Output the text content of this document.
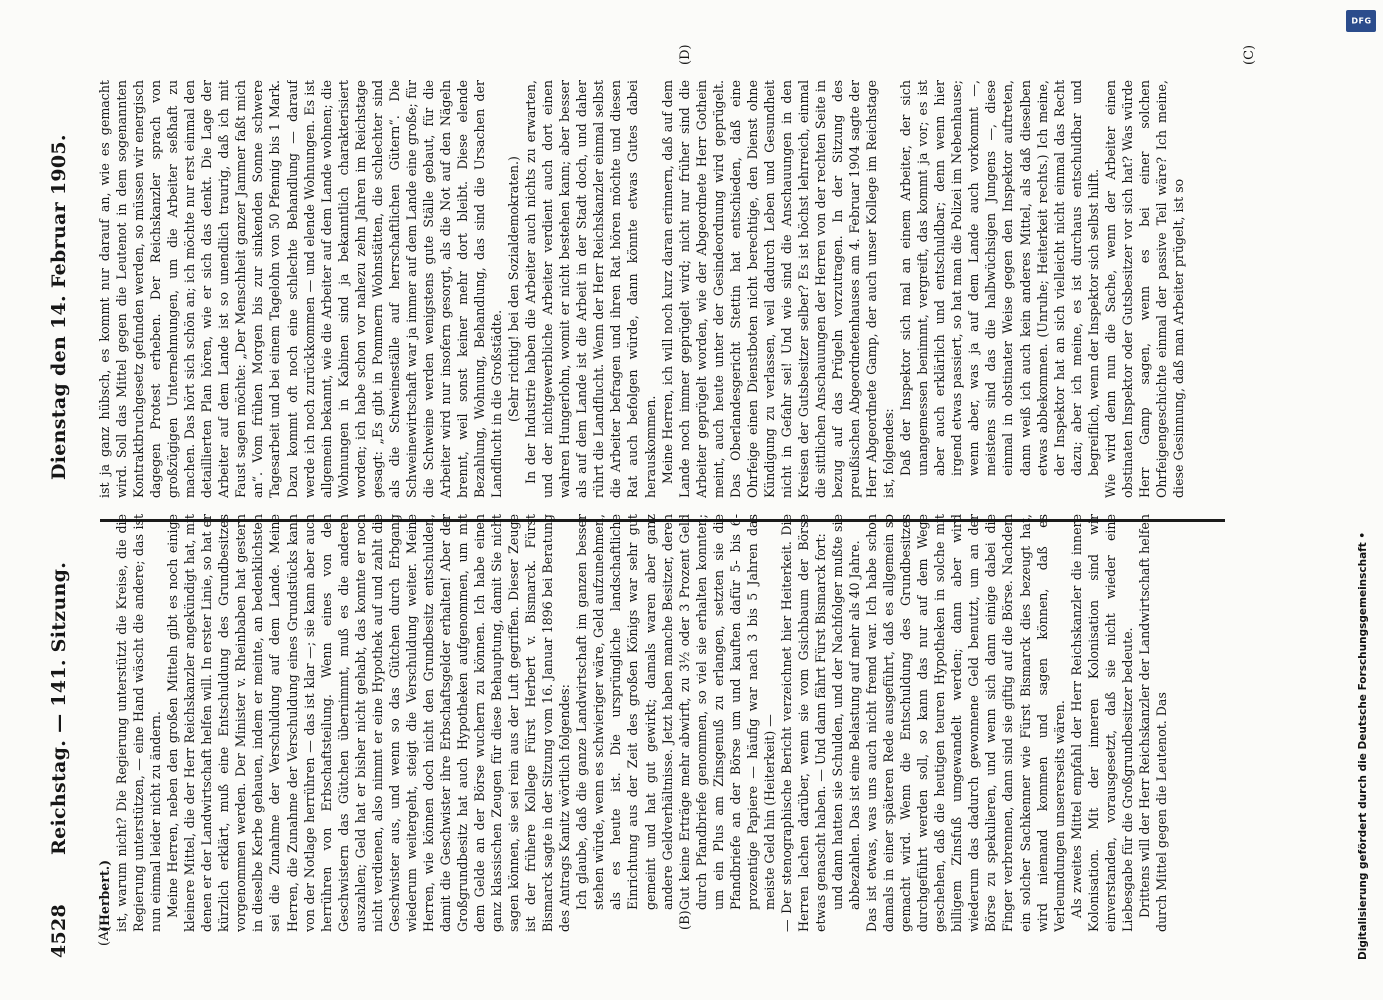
4528
Reichstag. — 141. Sitzung.
Dienstag den 14. Februar 1905.
(A)
(B)
(C)
(D)

(Herbert.) ist, warum nicht? Die Regierung unterstützt die Kreise, die die Regierung unterstützen, — eine Hand wäscht die andere; das ist nun einmal leider nicht zu ändern. Meine Herren, neben den großen Mitteln gibt es noch einige kleinere Mittel, die der Herr Reichskanzler angekündigt hat, mit denen er der Landwirtschaft helfen will. In erster Linie, so hat er kürzlich erklärt, muß eine Entschuldung des Grundbesitzes vorgenommen werden. Der Minister v. Rheinbaben hat gestern in dieselbe Kerbe gehauen, indem er meinte, an bedenklichsten sei die Zunahme der Verschuldung auf dem Lande. Meine Herren, die Zunahme der Verschuldung eines Grundstücks kann von der Notlage herrühren — das ist klar —; sie kann aber auch herrühren von Erbschaftsteilung. Wenn eines von den Geschwistern das Gütchen übernimmt, muß es die anderen auszahlen; Geld hat er bisher nicht gehabt, das konnte er noch nicht verdienen, also nimmt er eine Hypothek auf und zahlt die Geschwister aus, und wenn so das Gütchen durch Erbgang wiederum weitergeht, steigt die Verschuldung weiter. Meine Herren, wie können doch nicht den Grundbesitz entschulden, damit die Geschwister ihre Erbschaftsgelder erhalten! Aber der Großgrundbesitz hat auch Hypotheken aufgenommen, um mit dem Gelde an der Börse wuchern zu können. Ich habe einen ganz klassischen Zeugen für diese Behauptung, damit Sie nicht sagen können, sie sei rein aus der Luft gegriffen. Dieser Zeuge ist der frühere Kollege Fürst Herbert v. Bismarck. Fürst Bismarck sagte in der Sitzung vom 16. Januar 1896 bei Beratung des Antrags Kanitz wörtlich folgendes: Ich glaube, daß die ganze Landwirtschaft im ganzen besser stehen würde, wenn es schwieriger wäre, Geld aufzunehmen, als es heute ist. Die ursprüngliche landschaftliche Einrichtung aus der Zeit des großen Königs war sehr gut gemeint und hat gut gewirkt; damals waren aber ganz andere Geldverhältnisse. Jetzt haben manche Besitzer, deren Gut keine Erträge mehr abwirft, zu 3½ oder 3 Prozent Geld durch Pfandbriefe genommen, so viel sie erhalten konnten; um ein Plus am Zinsgenuß zu erlangen, setzten sie die Pfandbriefe an der Börse um und kauften dafür 5- bis 6-prozentige Papiere — häufig war nach 3 bis 5 Jahren das meiste Geld hin (Heiterkeit) — — Der stenographische Bericht verzeichnet hier Heiterkeit. Die Herren lachen darüber, wenn sie vom Gsichbaum der Börse etwas genascht haben. — Und dann fährt Fürst Bismarck fort: und dann hatten sie Schulden, und der Nachfolger mußte sie abbezahlen. Das ist eine Belastung auf mehr als 40 Jahre. Das ist etwas, was uns auch nicht fremd war. Ich habe schon damals in einer späteren Rede ausgeführt, daß es allgemein so gemacht wird. Wenn die Entschuldung des Grundbesitzes durchgeführt werden soll, so kann das nur auf dem Wege geschehen, daß die heutigen teuren Hypotheken in solche mit billigem Zinsfuß umgewandelt werden; dann aber wird wiederum das dadurch gewonnene Geld benutzt, um an der Börse zu spekulieren, und wenn sich dann einige dabei die Finger verbrennen, dann sind sie giftig auf die Börse. Nachdem ein solcher Sachkenner wie Fürst Bismarck dies bezeugt hat, wird niemand kommen und sagen können, daß es Verleumdungen unsererseits wären. Als zweites Mittel empfahl der Herr Reichskanzler die innere Kolonisation. Mit der inneren Kolonisation sind wir einverstanden, vorausgesetzt, daß sie nicht wieder eine Liebesgabe für die Großgrundbesitzer bedeute. Drittens will der Herr Reichskanzler der Landwirtschaft helfen durch Mittel gegen die Leutenot. Das

ist ja ganz hübsch, es kommt nur darauf an, wie es gemacht wird. Soll das Mittel gegen die Leutenot in dem sogenannten Kontraktbruchgesetz gefunden werden, so müssen wir energisch dagegen Protest erheben. Der Reichskanzler sprach von großzügigen Unternehmungen, um die Arbeiter seßhaft zu machen. Das hört sich schön an; ich möchte nur erst einmal den detaillierten Plan hören, wie er sich das denkt. Die Lage der Arbeiter auf dem Lande ist so unendlich traurig, daß ich mit Faust sagen möchte: „Der Menschheit ganzer Jammer faßt mich an“. Vom frühen Morgen bis zur sinkenden Sonne schwere Tagesarbeit und bei einem Tagelohn von 50 Pfennig bis 1 Mark. Dazu kommt oft noch eine schlechte Behandlung — darauf werde ich noch zurückkommen — und elende Wohnungen. Es ist allgemein bekannt, wie die Arbeiter auf dem Lande wohnen; die Wohnungen in Kabinen sind ja bekanntlich charakterisiert worden; ich habe schon vor nahezu zehn Jahren im Reichstage gesagt: „Es gibt in Pommern Wohnstätten, die schlechter sind als die Schweineställe auf herrschaftlichen Gütern“. Die Schweinewirtschaft war ja immer auf dem Lande eine große; für die Schweine werden wenigstens gute Ställe gebaut, für die Arbeiter wird nur insofern gesorgt, als die Not auf den Nägeln brennt, weil sonst keiner mehr dort bleibt. Diese elende Bezahlung, Wohnung, Behandlung, das sind die Ursachen der Landflucht in die Großstädte. (Sehr richtig! bei den Sozialdemokraten.) In der Industrie haben die Arbeiter auch nichts zu erwarten, und der nichtgewerbliche Arbeiter verdient auch dort einen wahren Hungerlohn, womit er nicht bestehen kann; aber besser als auf dem Lande ist die Arbeit in der Stadt doch, und daher rührt die Landflucht. Wenn der Herr Reichskanzler einmal selbst die Arbeiter befragen und ihren Rat hören möchte und diesen Rat auch befolgen würde, dann könnte etwas Gutes dabei herauskommen. Meine Herren, ich will noch kurz daran erinnern, daß auf dem Lande noch immer geprügelt wird; nicht nur früher sind die Arbeiter geprügelt worden, wie der Abgeordnete Herr Gothein meint, auch heute unter der Gesindeordnung wird geprügelt. Das Oberlandesgericht Stettin hat entschieden, daß eine Ohrfeige einen Dienstboten nicht berechtige, den Dienst ohne Kündigung zu verlassen, weil dadurch Leben und Gesundheit nicht in Gefahr sei! Und wie sind die Anschauungen in den Kreisen der Gutsbesitzer selber? Es ist höchst lehrreich, einmal die sittlichen Anschauungen der Herren von der rechten Seite in bezug auf das Prügeln vorzutragen. In der Sitzung des preußischen Abgeordnetenhauses am 4. Februar 1904 sagte der Herr Abgeordnete Gamp, der auch unser Kollege im Reichstage ist, folgendes: Daß der Inspektor sich mal an einem Arbeiter, der sich unangemessen benimmt, vergreift, das kommt ja vor; es ist aber auch erklärlich und entschuldbar; denn wenn hier irgend etwas passiert, so hat man die Polizei im Nebenhause; wenn aber, was ja auf dem Lande auch vorkommt —, meistens sind das die halbwüchsigen Jungens —, diese einmal in obstinater Weise gegen den Inspektor auftreten, dann weiß ich auch kein anderes Mittel, als daß dieselben etwas abbekommen. (Unruhe; Heiterkeit rechts.) Ich meine, der Inspektor hat an sich vielleicht nicht einmal das Recht dazu; aber ich meine, es ist durchaus entschuldbar und begreiflich, wenn der Inspektor sich selbst hilft. Wie wird denn nun die Sache, wenn der Arbeiter einen obstinaten Inspektor oder Gutsbesitzer vor sich hat? Was würde Herr Gamp sagen, wenn es bei einer solchen Ohrfeigengeschichte einmal der passive Teil wäre? Ich meine, diese Gesinnung, daß man Arbeiter prügelt, ist so

Digitalisierung gefördert durch die Deutsche Forschungsgemeinschaft •
DFG
